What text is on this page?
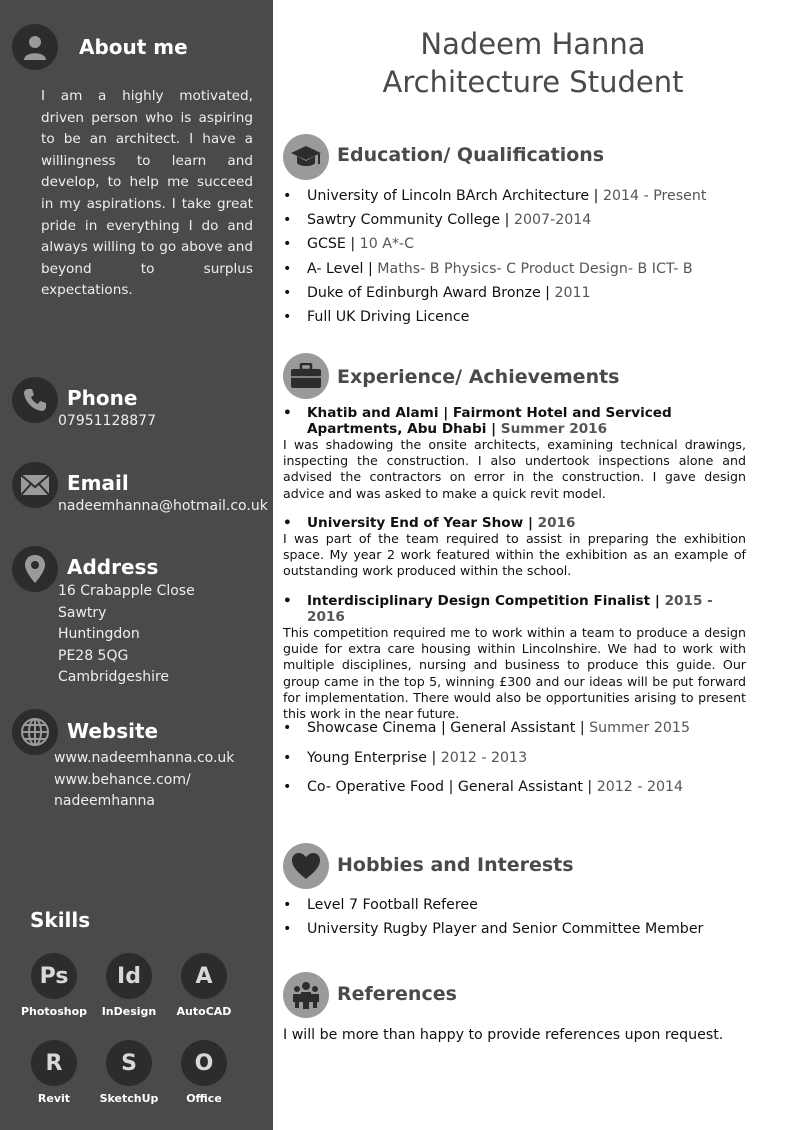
About me
I am a highly motivated, driven person who is aspiring to be an architect. I have a willingness to learn and develop, to help me succeed in my aspirations. I take great pride in everything I do and always willing to go above and beyond to surplus expectations.
Phone
07951128877
Email
nadeemhanna@hotmail.co.uk
Address
16 Crabapple Close
Sawtry
Huntingdon
PE28 5QG
Cambridgeshire
Website
www.nadeemhanna.co.uk
www.behance.com/
nadeemhanna
Skills
Ps
Photoshop
Id
InDesign
A
AutoCAD
R
Revit
S
SketchUp
O
Office
Nadeem Hanna
Architecture Student
Education/ Qualifications
• University of Lincoln BArch Architecture | 2014 - Present
• Sawtry Community College | 2007-2014
• GCSE | 10 A*-C
• A- Level | Maths- B Physics- C Product Design- B ICT- B
• Duke of Edinburgh Award Bronze | 2011
• Full UK Driving Licence
Experience/ Achievements
• Khatib and Alami | Fairmont Hotel and Serviced Apartments, Abu Dhabi | Summer 2016
I was shadowing the onsite architects, examining technical drawings, inspecting the construction. I also undertook inspections alone and advised the contractors on error in the construction. I gave design advice and was asked to make a quick revit model.
• University End of Year Show | 2016
I was part of the team required to assist in preparing the exhibition space. My year 2 work featured within the exhibition as an example of outstanding work produced within the school.
• Interdisciplinary Design Competition Finalist | 2015 - 2016
This competition required me to work within a team to produce a design guide for extra care housing within Lincolnshire. We had to work with multiple disciplines, nursing and business to produce this guide. Our group came in the top 5, winning £300 and our ideas will be put forward for implementation. There would also be opportunities arising to present this work in the near future.
• Showcase Cinema | General Assistant | Summer 2015
• Young Enterprise | 2012 - 2013
• Co- Operative Food | General Assistant | 2012 - 2014
Hobbies and Interests
• Level 7 Football Referee
• University Rugby Player and Senior Committee Member
References
I will be more than happy to provide references upon request.
